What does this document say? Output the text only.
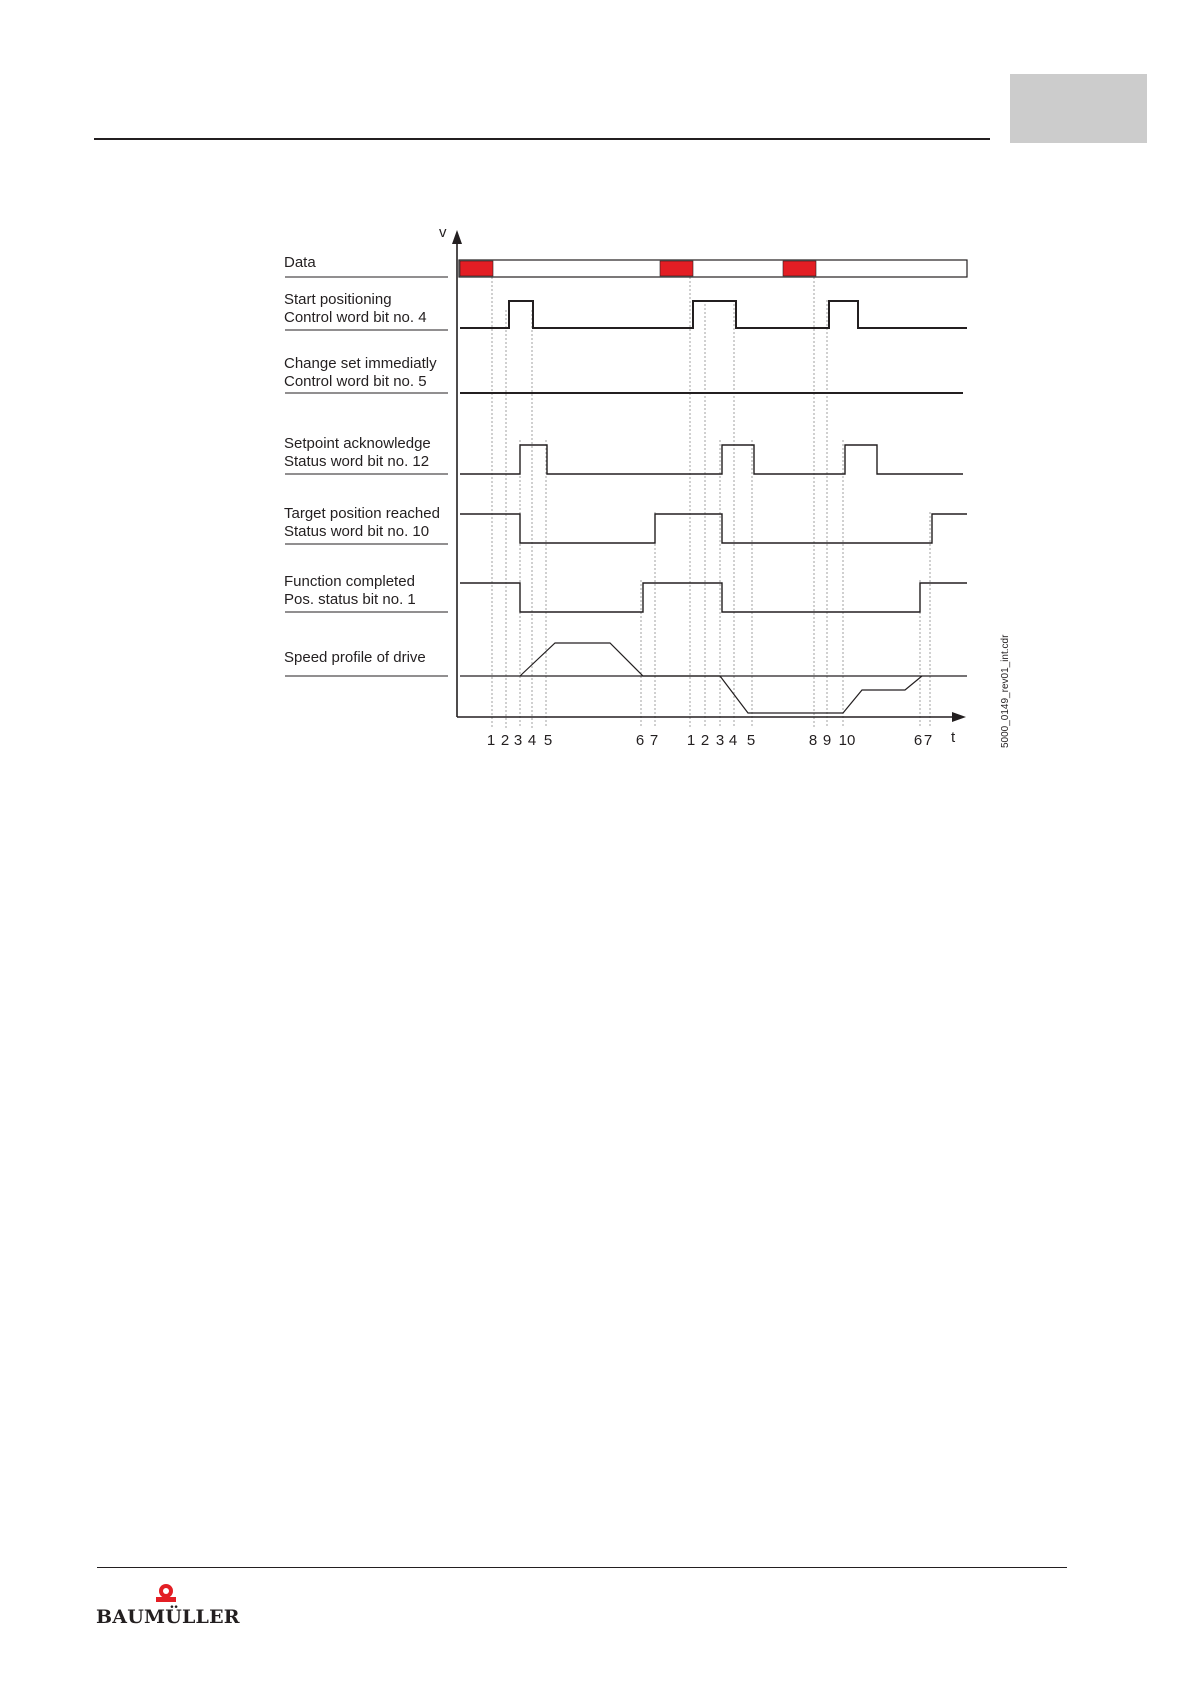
Data
Start positioning
Control word bit no. 4
Change set immediatly
Control word bit no. 5
Setpoint acknowledge
Status word bit no. 12
Target position reached
Status word bit no. 10
Function completed
Pos. status bit no. 1
Speed profile of drive
v
t
1 2 3 4 5	6 7 1 2 3 4 5	8 9 10	6 7	5000_0149_rev01_int.cdr
BAUMÜLLER
